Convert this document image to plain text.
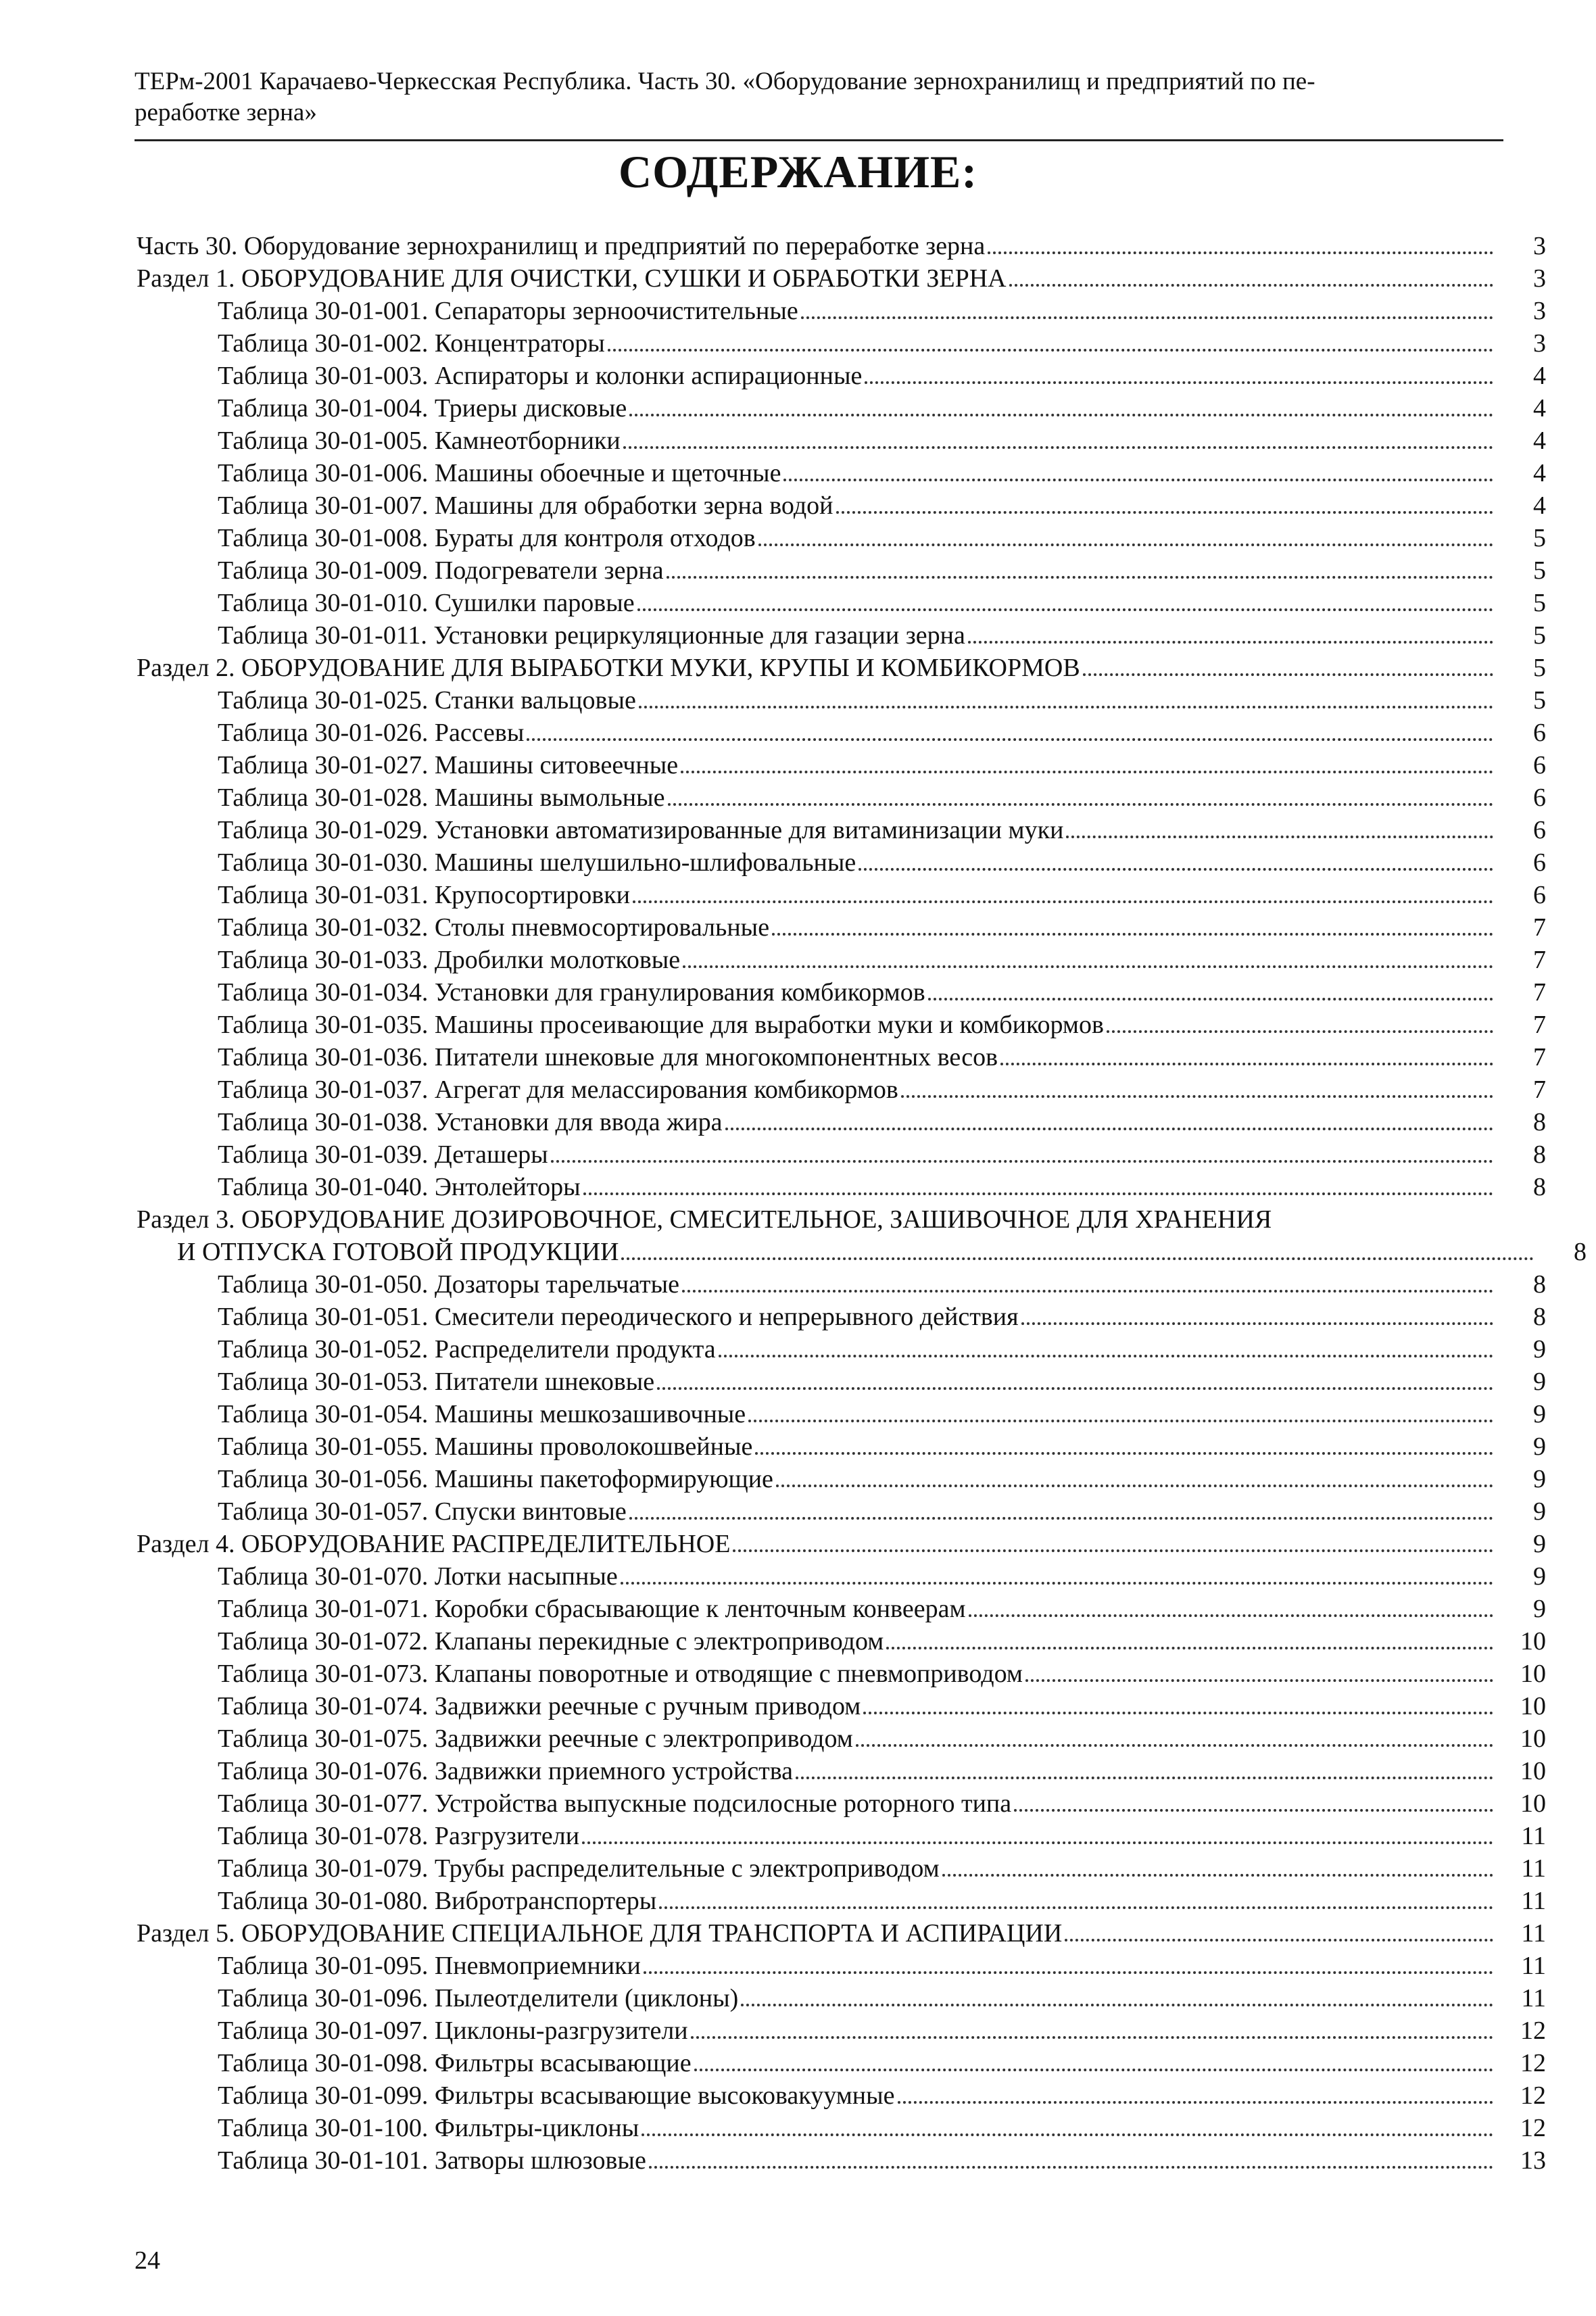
ТЕРм-2001 Карачаево-Черкесская Республика. Часть 30. «Оборудование зернохранилищ и предприятий по пе-
реработке зерна»
СОДЕРЖАНИЕ:
Часть 30. Оборудование зернохранилищ и предприятий по переработке зерна	3
Раздел 1. ОБОРУДОВАНИЕ ДЛЯ ОЧИСТКИ, СУШКИ И ОБРАБОТКИ ЗЕРНА	3
Таблица 30-01-001. Сепараторы зерноочистительные	3
Таблица 30-01-002. Концентраторы	3
Таблица 30-01-003. Аспираторы и колонки аспирационные	4
Таблица 30-01-004. Триеры дисковые	4
Таблица 30-01-005. Камнеотборники	4
Таблица 30-01-006. Машины обоечные и щеточные	4
Таблица 30-01-007. Машины для обработки зерна водой	4
Таблица 30-01-008. Бураты для контроля отходов	5
Таблица 30-01-009. Подогреватели зерна	5
Таблица 30-01-010. Сушилки паровые	5
Таблица 30-01-011. Установки рециркуляционные для газации зерна	5
Раздел 2. ОБОРУДОВАНИЕ ДЛЯ ВЫРАБОТКИ МУКИ, КРУПЫ И КОМБИКОРМОВ	5
Таблица 30-01-025. Станки вальцовые	5
Таблица 30-01-026. Рассевы	6
Таблица 30-01-027. Машины ситовеечные	6
Таблица 30-01-028. Машины вымольные	6
Таблица 30-01-029. Установки автоматизированные для витаминизации муки	6
Таблица 30-01-030. Машины шелушильно-шлифовальные	6
Таблица 30-01-031. Крупосортировки	6
Таблица 30-01-032. Столы пневмосортировальные	7
Таблица 30-01-033. Дробилки молотковые	7
Таблица 30-01-034. Установки для гранулирования комбикормов	7
Таблица 30-01-035. Машины просеивающие для выработки муки и комбикормов	7
Таблица 30-01-036. Питатели шнековые для многокомпонентных весов	7
Таблица 30-01-037. Агрегат для мелассирования комбикормов	7
Таблица 30-01-038. Установки для ввода жира	8
Таблица 30-01-039. Деташеры	8
Таблица 30-01-040. Энтолейторы	8
Раздел 3. ОБОРУДОВАНИЕ ДОЗИРОВОЧНОЕ, СМЕСИТЕЛЬНОЕ, ЗАШИВОЧНОЕ ДЛЯ ХРАНЕНИЯ
И ОТПУСКА ГОТОВОЙ ПРОДУКЦИИ	8
Таблица 30-01-050. Дозаторы тарельчатые	8
Таблица 30-01-051. Смесители переодического и непрерывного действия	8
Таблица 30-01-052. Распределители продукта	9
Таблица 30-01-053. Питатели шнековые	9
Таблица 30-01-054. Машины мешкозашивочные	9
Таблица 30-01-055. Машины проволокошвейные	9
Таблица 30-01-056. Машины пакетоформирующие	9
Таблица 30-01-057. Спуски винтовые	9
Раздел 4. ОБОРУДОВАНИЕ РАСПРЕДЕЛИТЕЛЬНОЕ	9
Таблица 30-01-070. Лотки насыпные	9
Таблица 30-01-071. Коробки сбрасывающие к ленточным конвеерам	9
Таблица 30-01-072. Клапаны перекидные с электроприводом	10
Таблица 30-01-073. Клапаны поворотные и отводящие с пневмоприводом	10
Таблица 30-01-074. Задвижки реечные с ручным приводом	10
Таблица 30-01-075. Задвижки реечные с электроприводом	10
Таблица 30-01-076. Задвижки приемного устройства	10
Таблица 30-01-077. Устройства выпускные подсилосные роторного типа	10
Таблица 30-01-078. Разгрузители	11
Таблица 30-01-079. Трубы распределительные с электроприводом	11
Таблица 30-01-080. Вибротранспортеры	11
Раздел 5. ОБОРУДОВАНИЕ СПЕЦИАЛЬНОЕ ДЛЯ ТРАНСПОРТА И АСПИРАЦИИ	11
Таблица 30-01-095. Пневмоприемники	11
Таблица 30-01-096. Пылеотделители (циклоны)	11
Таблица 30-01-097. Циклоны-разгрузители	12
Таблица 30-01-098. Фильтры всасывающие	12
Таблица 30-01-099. Фильтры всасывающие высоковакуумные	12
Таблица 30-01-100. Фильтры-циклоны	12
Таблица 30-01-101. Затворы шлюзовые	13
24
